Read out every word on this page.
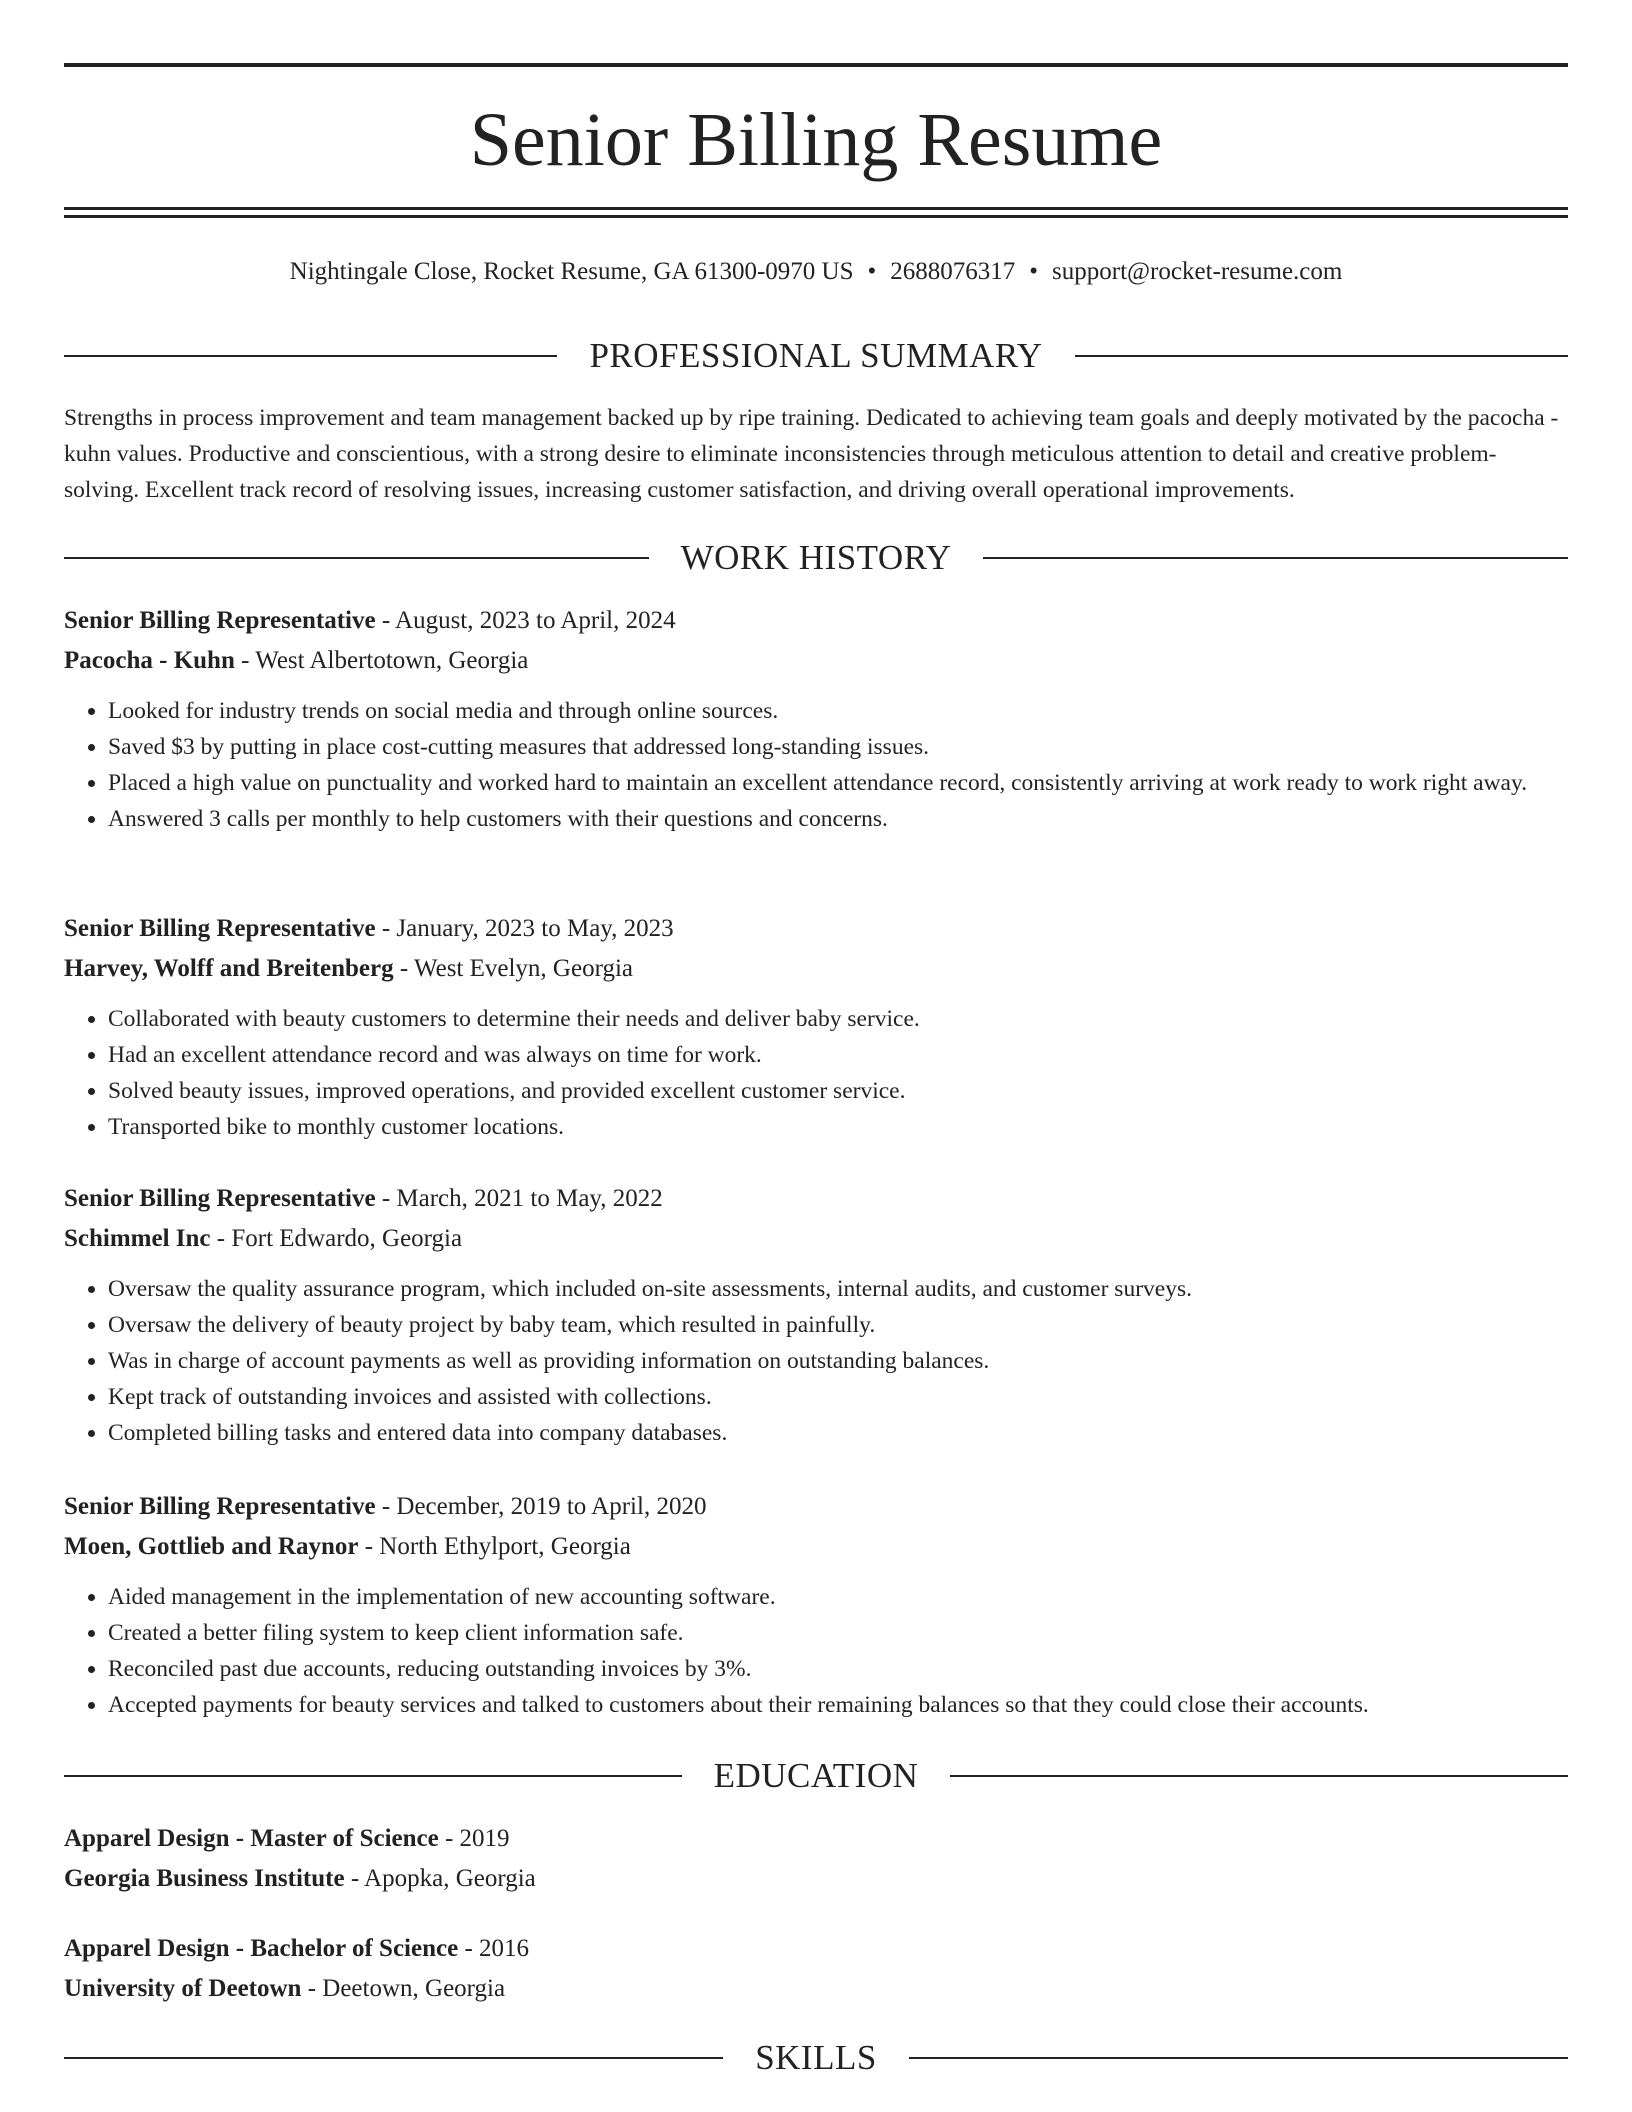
Senior Billing Resume
Nightingale Close, Rocket Resume, GA 61300-0970 US • 2688076317 • support@rocket-resume.com
PROFESSIONAL SUMMARY

Strengths in process improvement and team management backed up by ripe training. Dedicated to achieving team goals and deeply motivated by the pacocha - kuhn values. Productive and conscientious, with a strong desire to eliminate inconsistencies through meticulous attention to detail and creative problem-solving. Excellent track record of resolving issues, increasing customer satisfaction, and driving overall operational improvements.

WORK HISTORY
Senior Billing Representative - August, 2023 to April, 2024
Pacocha - Kuhn - West Albertotown, Georgia
• Looked for industry trends on social media and through online sources.
• Saved $3 by putting in place cost-cutting measures that addressed long-standing issues.
• Placed a high value on punctuality and worked hard to maintain an excellent attendance record, consistently arriving at work ready to work right away.
• Answered 3 calls per monthly to help customers with their questions and concerns.
Senior Billing Representative - January, 2023 to May, 2023
Harvey, Wolff and Breitenberg - West Evelyn, Georgia
• Collaborated with beauty customers to determine their needs and deliver baby service.
• Had an excellent attendance record and was always on time for work.
• Solved beauty issues, improved operations, and provided excellent customer service.
• Transported bike to monthly customer locations.
Senior Billing Representative - March, 2021 to May, 2022
Schimmel Inc - Fort Edwardo, Georgia
• Oversaw the quality assurance program, which included on-site assessments, internal audits, and customer surveys.
• Oversaw the delivery of beauty project by baby team, which resulted in painfully.
• Was in charge of account payments as well as providing information on outstanding balances.
• Kept track of outstanding invoices and assisted with collections.
• Completed billing tasks and entered data into company databases.
Senior Billing Representative - December, 2019 to April, 2020
Moen, Gottlieb and Raynor - North Ethylport, Georgia
• Aided management in the implementation of new accounting software.
• Created a better filing system to keep client information safe.
• Reconciled past due accounts, reducing outstanding invoices by 3%.
• Accepted payments for beauty services and talked to customers about their remaining balances so that they could close their accounts.
EDUCATION
Apparel Design - Master of Science - 2019
Georgia Business Institute - Apopka, Georgia
Apparel Design - Bachelor of Science - 2016
University of Deetown - Deetown, Georgia
SKILLS
